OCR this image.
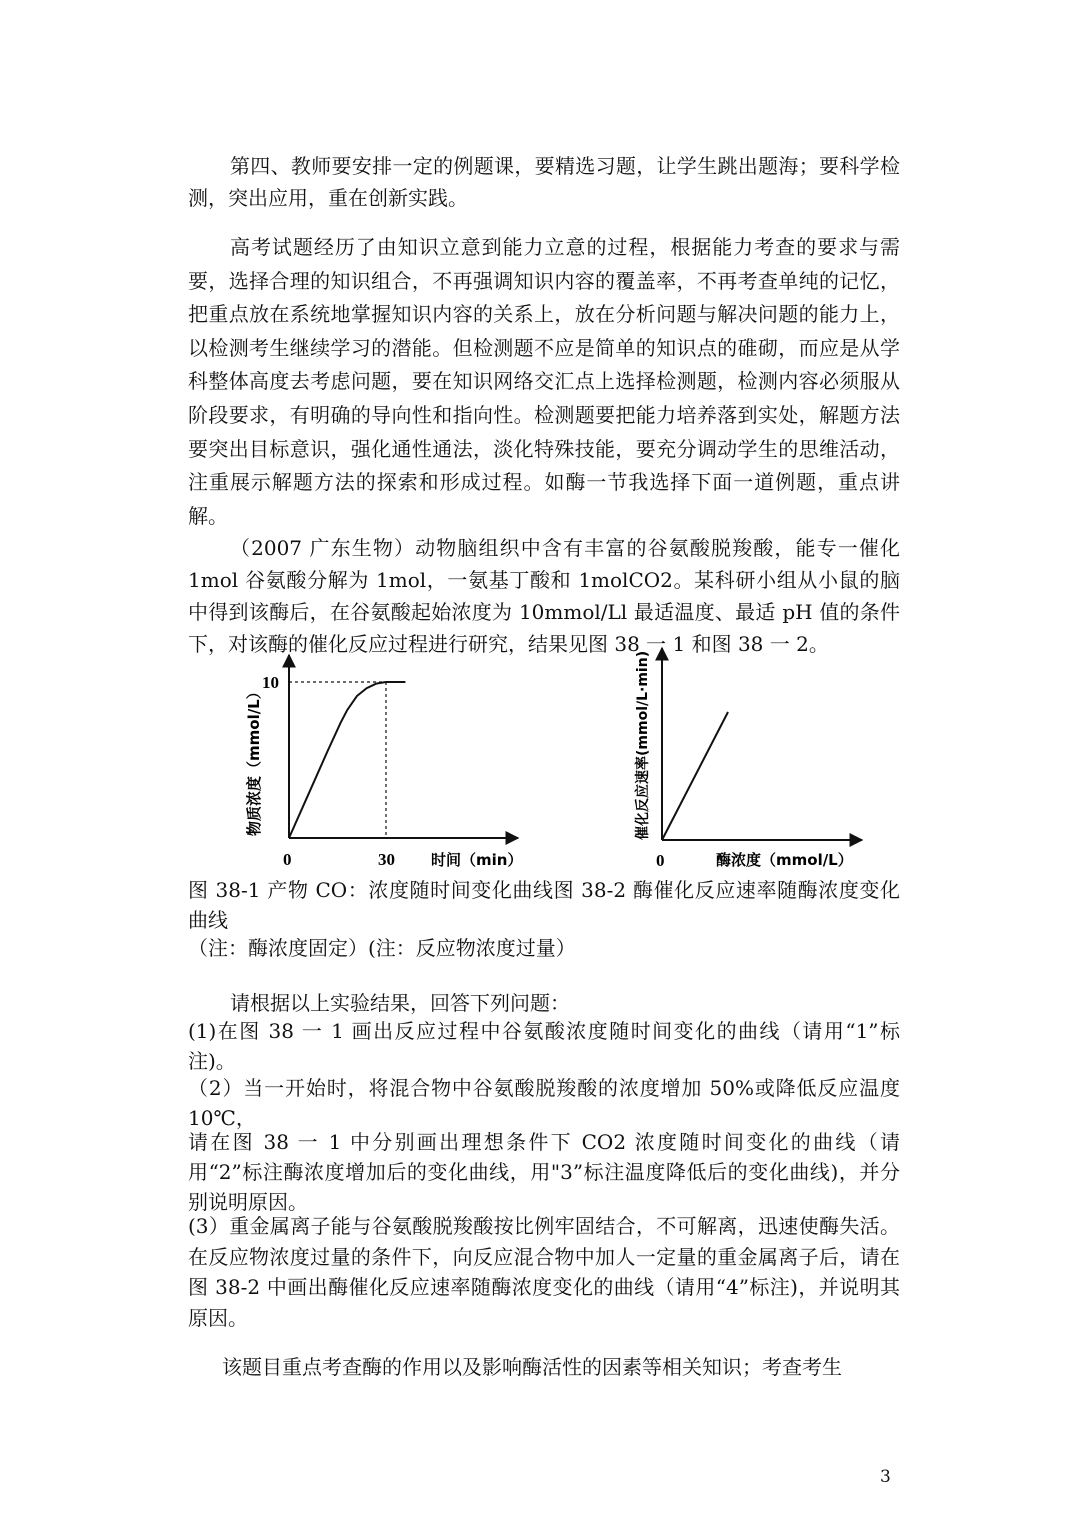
第四、教师要安排一定的例题课，要精选习题，让学生跳出题海；要科学检测，突出应用，重在创新实践。

高考试题经历了由知识立意到能力立意的过程，根据能力考查的要求与需要，选择合理的知识组合，不再强调知识内容的覆盖率，不再考查单纯的记忆，把重点放在系统地掌握知识内容的关系上，放在分析问题与解决问题的能力上，以检测考生继续学习的潜能。但检测题不应是简单的知识点的碓砌，而应是从学科整体高度去考虑问题，要在知识网络交汇点上选择检测题，检测内容必须服从阶段要求，有明确的导向性和指向性。检测题要把能力培养落到实处，解题方法要突出目标意识，强化通性通法，淡化特殊技能，要充分调动学生的思维活动，注重展示解题方法的探索和形成过程。如酶一节我选择下面一道例题，重点讲解。

（2007 广东生物）动物脑组织中含有丰富的谷氨酸脱羧酸，能专一催化 1mol 谷氨酸分解为 1mol，一氨基丁酸和 1molCO2。某科研小组从小鼠的脑中得到该酶后，在谷氨酸起始浓度为 10mmol/Ll 最适温度、最适 pH 值的条件下，对该酶的催化反应过程进行研究，结果见图 38 一 1 和图 38 一 2。

10
0	30 时间（min）
物质浓度（mmol/L）
0	酶浓度（mmol/L）
催化反应速率(mmol/L·min)

图 38-1 产物 CO：浓度随时间变化曲线图 38-2 酶催化反应速率随酶浓度变化曲线

（注：酶浓度固定）(注：反应物浓度过量）

请根据以上实验结果，回答下列问题：

(1)在图 38 一 1 画出反应过程中谷氨酸浓度随时间变化的曲线（请用“1”标注)。

（2）当一开始时，将混合物中谷氨酸脱羧酸的浓度增加 50%或降低反应温度 10℃，

请在图 38 一 1 中分别画出理想条件下 CO2 浓度随时间变化的曲线（请用“2”标注酶浓度增加后的变化曲线，用"3”标注温度降低后的变化曲线)，并分别说明原因。

(3）重金属离子能与谷氨酸脱羧酸按比例牢固结合，不可解离，迅速使酶失活。在反应物浓度过量的条件下，向反应混合物中加人一定量的重金属离子后，请在图 38-2 中画出酶催化反应速率随酶浓度变化的曲线（请用“4”标注)，并说明其原因。

该题目重点考查酶的作用以及影响酶活性的因素等相关知识；考查考生

3
